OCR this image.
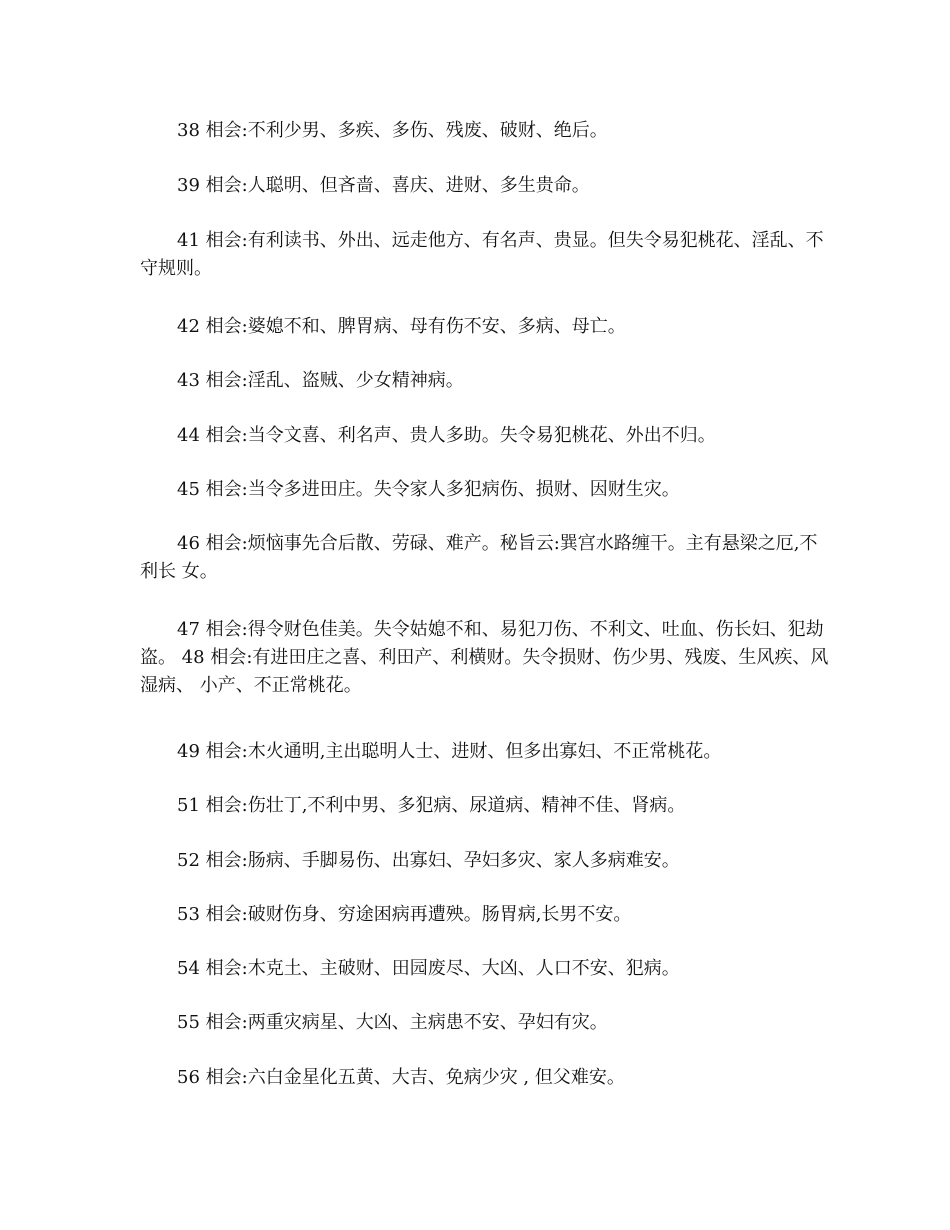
38 相会:不利少男、多疾、多伤、残废、破财、绝后。

39 相会:人聪明、但吝啬、喜庆、进财、多生贵命。

41 相会:有利读书、外出、远走他方、有名声、贵显。但失令易犯桃花、淫乱、不守规则。

42 相会:婆媳不和、脾胃病、母有伤不安、多病、母亡。

43 相会:淫乱、盗贼、少女精神病。

44 相会:当令文喜、利名声、贵人多助。失令易犯桃花、外出不归。

45 相会:当令多进田庄。失令家人多犯病伤、损财、因财生灾。

46 相会:烦恼事先合后散、劳碌、难产。秘旨云:巽宫水路缠干。主有悬梁之厄,不利长 女。

47 相会:得令财色佳美。失令姑媳不和、易犯刀伤、不利文、吐血、伤长妇、犯劫盗。 48 相会:有进田庄之喜、利田产、利横财。失令损财、伤少男、残废、生风疾、风湿病、 小产、不正常桃花。

49 相会:木火通明,主出聪明人士、进财、但多出寡妇、不正常桃花。

51 相会:伤壮丁,不利中男、多犯病、尿道病、精神不佳、肾病。

52 相会:肠病、手脚易伤、出寡妇、孕妇多灾、家人多病难安。

53 相会:破财伤身、穷途困病再遭殃。肠胃病,长男不安。

54 相会:木克土、主破财、田园废尽、大凶、人口不安、犯病。

55 相会:两重灾病星、大凶、主病患不安、孕妇有灾。

56 相会:六白金星化五黄、大吉、免病少灾 , 但父难安。
